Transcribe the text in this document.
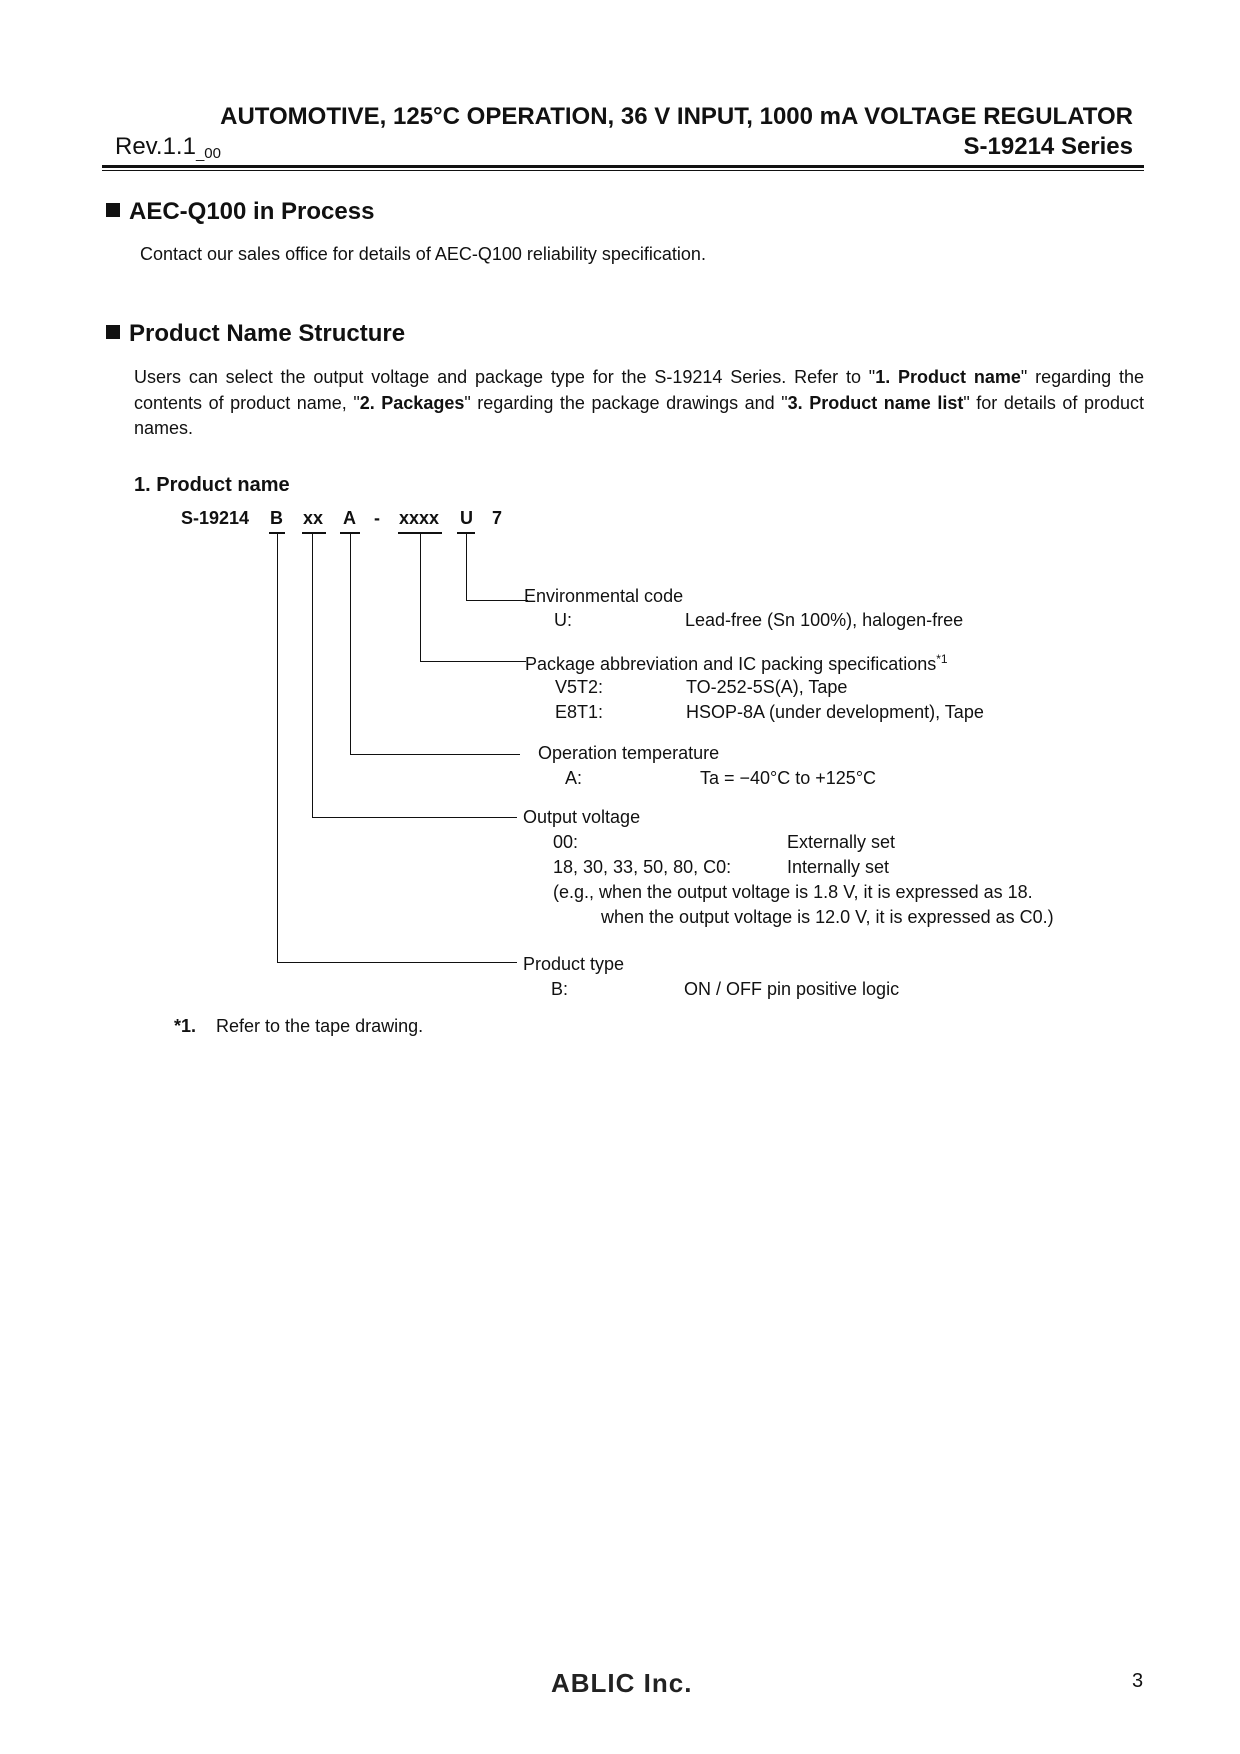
AUTOMOTIVE, 125°C OPERATION, 36 V INPUT, 1000 mA VOLTAGE REGULATOR
$Rev.1.1_{\_00}$	S-19214 Series
AEC-Q100 in Process
Contact our sales office for details of AEC-Q100 reliability specification.
Product Name Structure
Users can select the output voltage and package type for the S-19214 Series. Refer to "1. Product name" regarding the contents of product name, "2. Packages" regarding the package drawings and "3. Product name list" for details of product names.
1. Product name
S-19214 B xx A - xxxx U 7
Environmental code
U:	Lead-free (Sn 100%), halogen-free
Package abbreviation and IC packing specifications$^{*1}$
V5T2:	TO-252-5S(A), Tape
E8T1:	HSOP-8A (under development), Tape
Operation temperature
A:	Ta = −40°C to +125°C
Output voltage
00:	Externally set
18, 30, 33, 50, 80, C0:	Internally set
(e.g., when the output voltage is 1.8 V, it is expressed as 18.
when the output voltage is 12.0 V, it is expressed as C0.)
Product type
B:	ON / OFF pin positive logic
*1. Refer to the tape drawing.
ABLIC Inc.	3
